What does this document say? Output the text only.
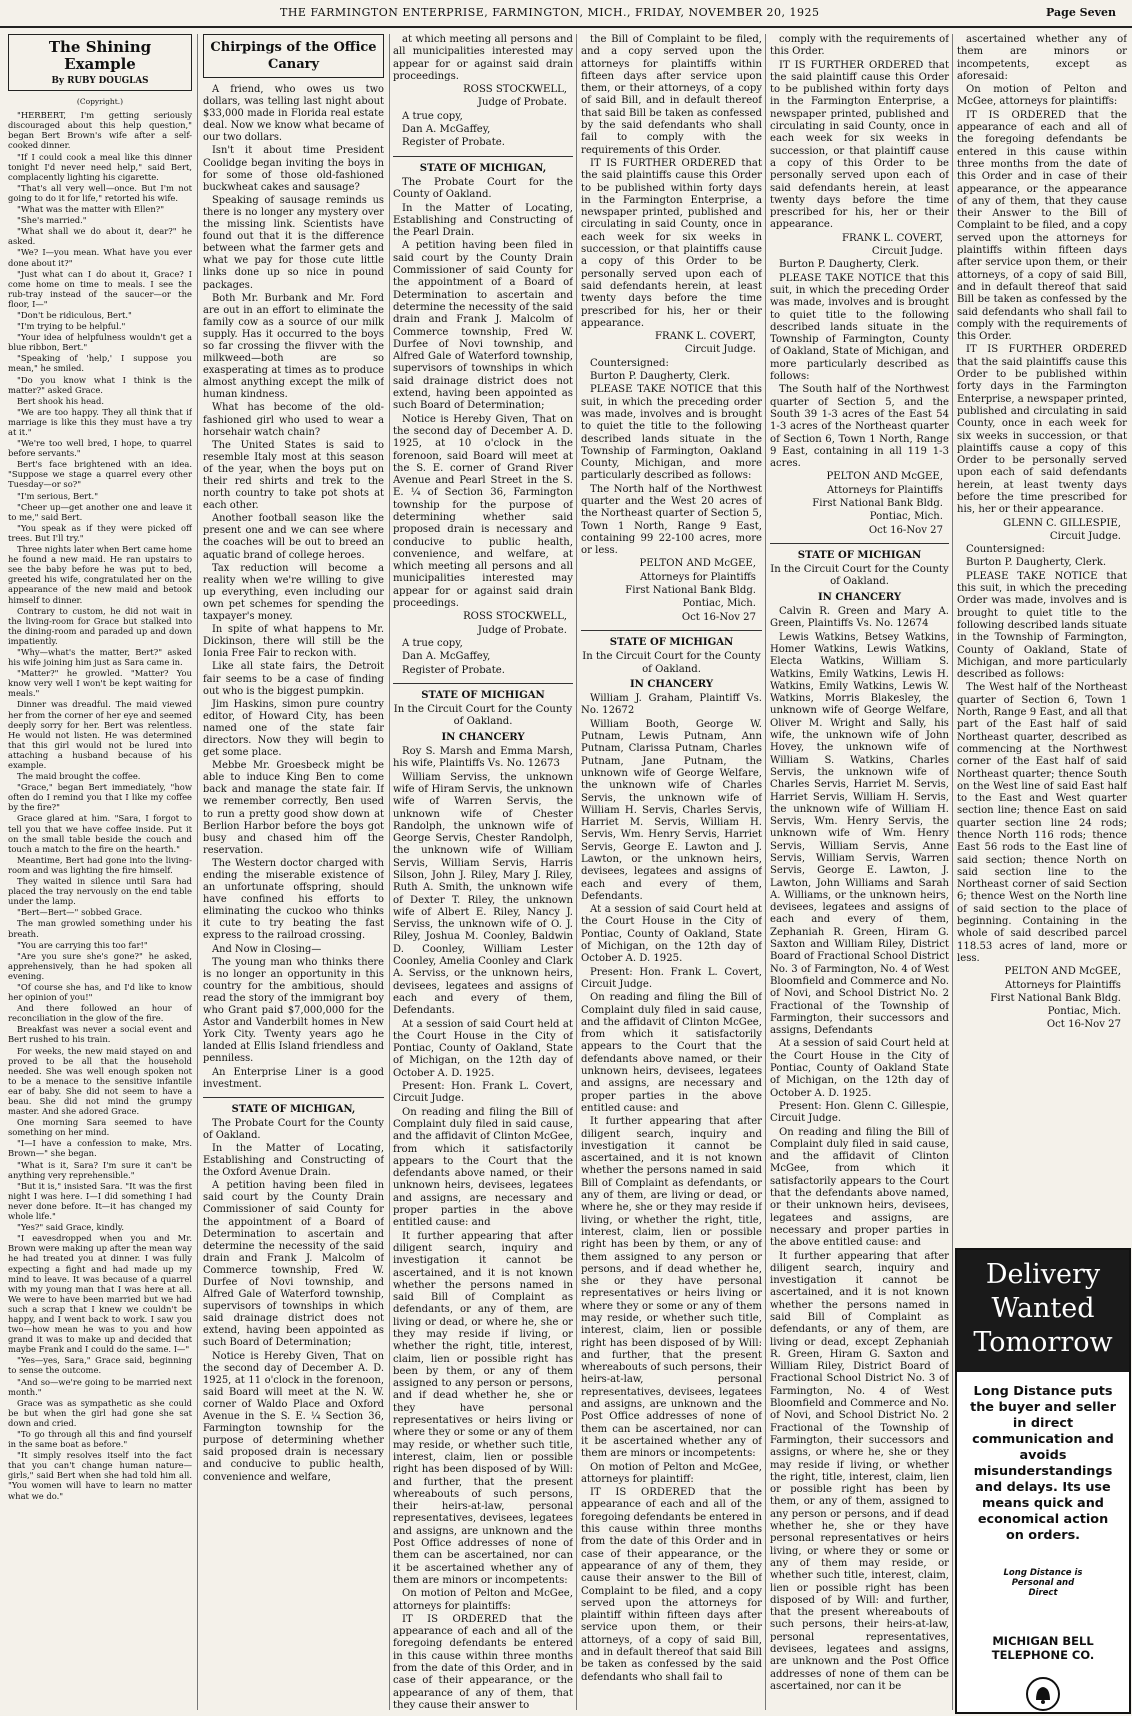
THE FARMINGTON ENTERPRISE, FARMINGTON, MICH., FRIDAY, NOVEMBER 20, 1925	Page Seven
The Shining Example
By RUBY DOUGLAS
(Copyright.)

"HERBERT, I'm getting seriously discouraged about this help question," began Bert Brown's wife after a self-cooked dinner.

"If I could cook a meal like this dinner tonight I'd never need help," said Bert, complacently lighting his cigarette.

"That's all very well—once. But I'm not going to do it for life," retorted his wife.

"What was the matter with Ellen?"

"She's married."

"What shall we do about it, dear?" he asked.

"We? I—you mean. What have you ever done about it?"

"Just what can I do about it, Grace? I come home on time to meals. I see the rub-tray instead of the saucer—or the floor, I—"

"Don't be ridiculous, Bert."

"I'm trying to be helpful."

"Your idea of helpfulness wouldn't get a blue ribbon, Bert."

"Speaking of 'help,' I suppose you mean," he smiled.

"Do you know what I think is the matter?" asked Grace.

Bert shook his head.

"We are too happy. They all think that if marriage is like this they must have a try at it."

"We're too well bred, I hope, to quarrel before servants."

Bert's face brightened with an idea. "Suppose we stage a quarrel every other Tuesday—or so?"

"I'm serious, Bert."

"Cheer up—get another one and leave it to me," said Bert.

"You speak as if they were picked off trees. But I'll try."

Three nights later when Bert came home he found a new maid. He ran upstairs to see the baby before he was put to bed, greeted his wife, congratulated her on the appearance of the new maid and betook himself to dinner.

Contrary to custom, he did not wait in the living-room for Grace but stalked into the dining-room and paraded up and down impatiently.

"Why—what's the matter, Bert?" asked his wife joining him just as Sara came in.

"Matter?" he growled. "Matter? You know very well I won't be kept waiting for meals."

Dinner was dreadful. The maid viewed her from the corner of her eye and seemed deeply sorry for her. Bert was relentless. He would not listen. He was determined that this girl would not be lured into attaching a husband because of his example.

The maid brought the coffee.

"Grace," began Bert immediately, "how often do I remind you that I like my coffee by the fire?"

Grace glared at him. "Sara, I forgot to tell you that we have coffee inside. Put it on the small table beside the couch and touch a match to the fire on the hearth."

Meantime, Bert had gone into the living-room and was lighting the fire himself.

They waited in silence until Sara had placed the tray nervously on the end table under the lamp.

"Bert—Bert—" sobbed Grace.

The man growled something under his breath.

"You are carrying this too far!"

"Are you sure she's gone?" he asked, apprehensively, than he had spoken all evening.

"Of course she has, and I'd like to know her opinion of you!"

And there followed an hour of reconciliation in the glow of the fire.

Breakfast was never a social event and Bert rushed to his train.

For weeks, the new maid stayed on and proved to be all that the household needed. She was well enough spoken not to be a menace to the sensitive infantile ear of baby. She did not seem to have a beau. She did not mind the grumpy master. And she adored Grace.

One morning Sara seemed to have something on her mind.

"I—I have a confession to make, Mrs. Brown—" she began.

"What is it, Sara? I'm sure it can't be anything very reprehensible."

"But it is," insisted Sara. "It was the first night I was here. I—I did something I had never done before. It—it has changed my whole life."

"Yes?" said Grace, kindly.

"I eavesdropped when you and Mr. Brown were making up after the mean way he had treated you at dinner. I was fully expecting a fight and had made up my mind to leave. It was because of a quarrel with my young man that I was here at all. We were to have been married but we had such a scrap that I knew we couldn't be happy, and I went back to work. I saw you two—how mean he was to you and how grand it was to make up and decided that maybe Frank and I could do the same. I—"

"Yes—yes, Sara," Grace said, beginning to sense the outcome.

"And so—we're going to be married next month."

Grace was as sympathetic as she could be but when the girl had gone she sat down and cried.

"To go through all this and find yourself in the same boat as before."

"It simply resolves itself into the fact that you can't change human nature—girls," said Bert when she had told him all. "You women will have to learn no matter what we do."

Chirpings of the Office Canary

A friend, who owes us two dollars, was telling last night about $33,000 made in Florida real estate deal. Now we know what became of our two dollars.

Isn't it about time President Coolidge began inviting the boys in for some of those old-fashioned buckwheat cakes and sausage?

Speaking of sausage reminds us there is no longer any mystery over the missing link. Scientists have found out that it is the difference between what the farmer gets and what we pay for those cute little links done up so nice in pound packages.

Both Mr. Burbank and Mr. Ford are out in an effort to eliminate the family cow as a source of our milk supply. Has it occurred to the boys so far crossing the flivver with the milkweed—both are so exasperating at times as to produce almost anything except the milk of human kindness.

What has become of the old-fashioned girl who used to wear a horsehair watch chain?

The United States is said to resemble Italy most at this season of the year, when the boys put on their red shirts and trek to the north country to take pot shots at each other.

Another football season like the present one and we can see where the coaches will be out to breed an aquatic brand of college heroes.

Tax reduction will become a reality when we're willing to give up everything, even including our own pet schemes for spending the taxpayer's money.

In spite of what happens to Mr. Dickinson, there will still be the Ionia Free Fair to reckon with.

Like all state fairs, the Detroit fair seems to be a case of finding out who is the biggest pumpkin.

Jim Haskins, simon pure country editor, of Howard City, has been named one of the state fair directors. Now they will begin to get some place.

Mebbe Mr. Groesbeck might be able to induce King Ben to come back and manage the state fair. If we remember correctly, Ben used to run a pretty good show down at Berlion Harbor before the boys got busy and chased him off the reservation.

The Western doctor charged with ending the miserable existence of an unfortunate offspring, should have confined his efforts to eliminating the cuckoo who thinks it cute to try beating the fast express to the railroad crossing.

And Now in Closing—

The young man who thinks there is no longer an opportunity in this country for the ambitious, should read the story of the immigrant boy who Grant paid $7,000,000 for the Astor and Vanderbilt homes in New York City. Twenty years ago he landed at Ellis Island friendless and penniless.

An Enterprise Liner is a good investment.

STATE OF MICHIGAN,

The Probate Court for the County of Oakland.

In the Matter of Locating, Establishing and Constructing of the Oxford Avenue Drain.

A petition having been filed in said court by the County Drain Commissioner of said County for the appointment of a Board of Determination to ascertain and determine the necessity of the said drain and Frank J. Malcolm of Commerce township, Fred W. Durfee of Novi township, and Alfred Gale of Waterford township, supervisors of townships in which said drainage district does not extend, having been appointed as such Board of Determination;

Notice is Hereby Given, That on the second day of December A. D. 1925, at 11 o'clock in the forenoon, said Board will meet at the N. W. corner of Waldo Place and Oxford Avenue in the S. E. ¼ Section 36, Farmington township for the purpose of determining whether said proposed drain is necessary and conducive to public health, convenience and welfare,

at which meeting all persons and all municipalities interested may appear for or against said drain proceedings.

ROSS STOCKWELL,

Judge of Probate.

A true copy,

Dan A. McGaffey,

Register of Probate.

STATE OF MICHIGAN,

The Probate Court for the County of Oakland.

In the Matter of Locating, Establishing and Constructing of the Pearl Drain.

A petition having been filed in said court by the County Drain Commissioner of said County for the appointment of a Board of Determination to ascertain and determine the necessity of the said drain and Frank J. Malcolm of Commerce township, Fred W. Durfee of Novi township, and Alfred Gale of Waterford township, supervisors of townships in which said drainage district does not extend, having been appointed as such Board of Determination;

Notice is Hereby Given, That on the second day of December A. D. 1925, at 10 o'clock in the forenoon, said Board will meet at the S. E. corner of Grand River Avenue and Pearl Street in the S. E. ¼ of Section 36, Farmington township for the purpose of determining whether said proposed drain is necessary and conducive to public health, convenience, and welfare, at which meeting all persons and all municipalities interested may appear for or against said drain proceedings.

ROSS STOCKWELL,

Judge of Probate.

A true copy,

Dan A. McGaffey,

Register of Probate.

STATE OF MICHIGAN

In the Circuit Court for the County of Oakland.

IN CHANCERY

Roy S. Marsh and Emma Marsh, his wife, Plaintiffs Vs. No. 12673

William Serviss, the unknown wife of Hiram Servis, the unknown wife of Warren Servis, the unknown wife of Chester Randolph, the unknown wife of George Servis, Chester Randolph, the unknown wife of William Servis, William Servis, Harris Silson, John J. Riley, Mary J. Riley, Ruth A. Smith, the unknown wife of Dexter T. Riley, the unknown wife of Albert E. Riley, Nancy J. Serviss, the unknown wife of O. J. Riley, Joshua M. Coonley, Baldwin D. Coonley, William Lester Coonley, Amelia Coonley and Clark A. Serviss, or the unknown heirs, devisees, legatees and assigns of each and every of them, Defendants.

At a session of said Court held at the Court House in the City of Pontiac, County of Oakland, State of Michigan, on the 12th day of October A. D. 1925.

Present: Hon. Frank L. Covert, Circuit Judge.

On reading and filing the Bill of Complaint duly filed in said cause, and the affidavit of Clinton McGee, from which it satisfactorily appears to the Court that the defendants above named, or their unknown heirs, devisees, legatees and assigns, are necessary and proper parties in the above entitled cause: and

It further appearing that after diligent search, inquiry and investigation it cannot be ascertained, and it is not known whether the persons named in said Bill of Complaint as defendants, or any of them, are living or dead, or where he, she or they may reside if living, or whether the right, title, interest, claim, lien or possible right has been by them, or any of them assigned to any person or persons, and if dead whether he, she or they have personal representatives or heirs living or where they or some or any of them may reside, or whether such title, interest, claim, lien or possible right has been disposed of by Will: and further, that the present whereabouts of such persons, their heirs-at-law, personal representatives, devisees, legatees and assigns, are unknown and the Post Office addresses of none of them can be ascertained, nor can it be ascertained whether any of them are minors or incompetents:

On motion of Pelton and McGee, attorneys for plaintiffs:

IT IS ORDERED that the appearance of each and all of the foregoing defendants be entered in this cause within three months from the date of this Order, and in case of their appearance, or the appearance of any of them, that they cause their answer to

the Bill of Complaint to be filed, and a copy served upon the attorneys for plaintiffs within fifteen days after service upon them, or their attorneys, of a copy of said Bill, and in default thereof that said Bill be taken as confessed by the said defendants who shall fail to comply with the requirements of this Order.

IT IS FURTHER ORDERED that the said plaintiffs cause this Order to be published within forty days in the Farmington Enterprise, a newspaper printed, published and circulating in said County, once in each week for six weeks in succession, or that plaintiffs cause a copy of this Order to be personally served upon each of said defendants herein, at least twenty days before the time prescribed for his, her or their appearance.

FRANK L. COVERT,

Circuit Judge.

Countersigned:

Burton P. Daugherty, Clerk.

PLEASE TAKE NOTICE that this suit, in which the preceding order was made, involves and is brought to quiet the title to the following described lands situate in the Township of Farmington, Oakland County, Michigan, and more particularly described as follows:

The North half of the Northwest quarter and the West 20 acres of the Northeast quarter of Section 5, Town 1 North, Range 9 East, containing 99 22-100 acres, more or less.

PELTON AND McGEE,

Attorneys for Plaintiffs

First National Bank Bldg.

Pontiac, Mich.

Oct 16-Nov 27

STATE OF MICHIGAN

In the Circuit Court for the County of Oakland.

IN CHANCERY

William J. Graham, Plaintiff Vs. No. 12672

William Booth, George W. Putnam, Lewis Putnam, Ann Putnam, Clarissa Putnam, Charles Putnam, Jane Putnam, the unknown wife of George Welfare, the unknown wife of Charles Servis, the unknown wife of William H. Servis, Charles Servis, Harriet M. Servis, William H. Servis, Wm. Henry Servis, Harriet Servis, George E. Lawton and J. Lawton, or the unknown heirs, devisees, legatees and assigns of each and every of them, Defendants.

At a session of said Court held at the Court House in the City of Pontiac, County of Oakland, State of Michigan, on the 12th day of October A. D. 1925.

Present: Hon. Frank L. Covert, Circuit Judge.

On reading and filing the Bill of Complaint duly filed in said cause, and the affidavit of Clinton McGee, from which it satisfactorily appears to the Court that the defendants above named, or their unknown heirs, devisees, legatees and assigns, are necessary and proper parties in the above entitled cause: and

It further appearing that after diligent search, inquiry and investigation it cannot be ascertained, and it is not known whether the persons named in said Bill of Complaint as defendants, or any of them, are living or dead, or where he, she or they may reside if living, or whether the right, title, interest, claim, lien or possible right has been by them, or any of them assigned to any person or persons, and if dead whether he, she or they have personal representatives or heirs living or where they or some or any of them may reside, or whether such title, interest, claim, lien or possible right has been disposed of by Will: and further, that the present whereabouts of such persons, their heirs-at-law, personal representatives, devisees, legatees and assigns, are unknown and the Post Office addresses of none of them can be ascertained, nor can it be ascertained whether any of them are minors or incompetents:

On motion of Pelton and McGee, attorneys for plaintiff:

IT IS ORDERED that the appearance of each and all of the foregoing defendants be entered in this cause within three months from the date of this Order and in case of their appearance, or the appearance of any of them, they cause their answer to the Bill of Complaint to be filed, and a copy served upon the attorneys for plaintiff within fifteen days after service upon them, or their attorneys, of a copy of said Bill, and in default thereof that said Bill be taken as confessed by the said defendants who shall fail to

comply with the requirements of this Order.

IT IS FURTHER ORDERED that the said plaintiff cause this Order to be published within forty days in the Farmington Enterprise, a newspaper printed, published and circulating in said County, once in each week for six weeks in succession, or that plaintiff cause a copy of this Order to be personally served upon each of said defendants herein, at least twenty days before the time prescribed for his, her or their appearance.

FRANK L. COVERT,

Circuit Judge.

Burton P. Daugherty, Clerk.

PLEASE TAKE NOTICE that this suit, in which the preceding Order was made, involves and is brought to quiet title to the following described lands situate in the Township of Farmington, County of Oakland, State of Michigan, and more particularly described as follows:

The South half of the Northwest quarter of Section 5, and the South 39 1-3 acres of the East 54 1-3 acres of the Northeast quarter of Section 6, Town 1 North, Range 9 East, containing in all 119 1-3 acres.

PELTON AND McGEE,

Attorneys for Plaintiffs

First National Bank Bldg.

Pontiac, Mich.

Oct 16-Nov 27

STATE OF MICHIGAN

In the Circuit Court for the County of Oakland.

IN CHANCERY

Calvin R. Green and Mary A. Green, Plaintiffs Vs. No. 12674

Lewis Watkins, Betsey Watkins, Homer Watkins, Lewis Watkins, Electa Watkins, William S. Watkins, Emily Watkins, Lewis H. Watkins, Emily Watkins, Lewis W. Watkins, Morris Blakesley, the unknown wife of George Welfare, Oliver M. Wright and Sally, his wife, the unknown wife of John Hovey, the unknown wife of William S. Watkins, Charles Servis, the unknown wife of Charles Servis, Harriet M. Servis, Harriet Servis, William H. Servis, the unknown wife of William H. Servis, Wm. Henry Servis, the unknown wife of Wm. Henry Servis, William Servis, Anne Servis, William Servis, Warren Servis, George E. Lawton, J. Lawton, John Williams and Sarah A. Williams, or the unknown heirs, devisees, legatees and assigns of each and every of them, Zephaniah R. Green, Hiram G. Saxton and William Riley, District Board of Fractional School District No. 3 of Farmington, No. 4 of West Bloomfield and Commerce and No. of Novi, and School District No. 2 Fractional of the Township of Farmington, their successors and assigns, Defendants

At a session of said Court held at the Court House in the City of Pontiac, County of Oakland State of Michigan, on the 12th day of October A. D. 1925.

Present: Hon. Glenn C. Gillespie, Circuit Judge.

On reading and filing the Bill of Complaint duly filed in said cause, and the affidavit of Clinton McGee, from which it satisfactorily appears to the Court that the defendants above named, or their unknown heirs, devisees, legatees and assigns, are necessary and proper parties in the above entitled cause: and

It further appearing that after diligent search, inquiry and investigation it cannot be ascertained, and it is not known whether the persons named in said Bill of Complaint as defendants, or any of them, are living or dead, except Zephaniah R. Green, Hiram G. Saxton and William Riley, District Board of Fractional School District No. 3 of Farmington, No. 4 of West Bloomfield and Commerce and No. of Novi, and School District No. 2 Fractional of the Township of Farmington, their successors and assigns, or where he, she or they may reside if living, or whether the right, title, interest, claim, lien or possible right has been by them, or any of them, assigned to any person or persons, and if dead whether he, she or they have personal representatives or heirs living, or where they or some or any of them may reside, or whether such title, interest, claim, lien or possible right has been disposed of by Will: and further, that the present whereabouts of such persons, their heirs-at-law, personal representatives, devisees, legatees and assigns, are unknown and the Post Office addresses of none of them can be ascertained, nor can it be

ascertained whether any of them are minors or incompetents, except as aforesaid:

On motion of Pelton and McGee, attorneys for plaintiffs:

IT IS ORDERED that the appearance of each and all of the foregoing defendants be entered in this cause within three months from the date of this Order and in case of their appearance, or the appearance of any of them, that they cause their Answer to the Bill of Complaint to be filed, and a copy served upon the attorneys for plaintiffs within fifteen days after service upon them, or their attorneys, of a copy of said Bill, and in default thereof that said Bill be taken as confessed by the said defendants who shall fail to comply with the requirements of this Order.

IT IS FURTHER ORDERED that the said plaintiffs cause this Order to be published within forty days in the Farmington Enterprise, a newspaper printed, published and circulating in said County, once in each week for six weeks in succession, or that plaintiffs cause a copy of this Order to be personally served upon each of said defendants herein, at least twenty days before the time prescribed for his, her or their appearance.

GLENN C. GILLESPIE,

Circuit Judge.

Countersigned:

Burton P. Daugherty, Clerk.

PLEASE TAKE NOTICE that this suit, in which the preceding Order was made, involves and is brought to quiet title to the following described lands situate in the Township of Farmington, County of Oakland, State of Michigan, and more particularly described as follows:

The West half of the Northeast quarter of Section 6, Town 1 North, Range 9 East, and all that part of the East half of said Northeast quarter, described as commencing at the Northwest corner of the East half of said Northeast quarter; thence South on the West line of said East half to the East and West quarter section line; thence East on said quarter section line 24 rods; thence North 116 rods; thence East 56 rods to the East line of said section; thence North on said section line to the Northeast corner of said Section 6; thence West on the North line of said section to the place of beginning. Containing in the whole of said described parcel 118.53 acres of land, more or less.

PELTON AND McGEE,

Attorneys for Plaintiffs

First National Bank Bldg.

Pontiac, Mich.

Oct 16-Nov 27

Delivery
Wanted
Tomorrow
Long Distance puts the buyer and seller in direct communication and avoids misunderstandings and delays. Its use means quick and economical action on orders.
Long Distance is
Personal and
Direct
MICHIGAN BELL
TELEPHONE CO.
